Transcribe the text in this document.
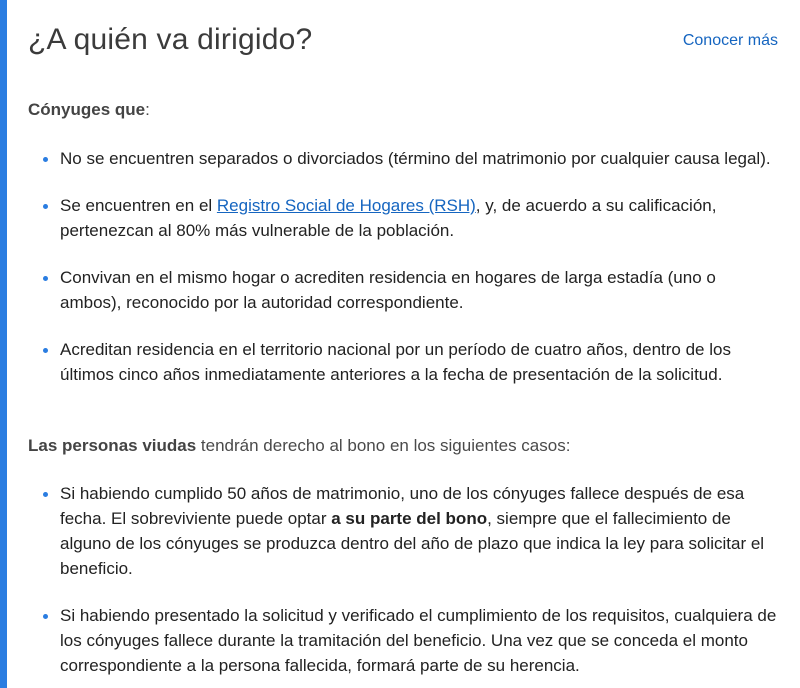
¿A quién va dirigido?	Conocer más

Cónyuges que:

No se encuentren separados o divorciados (término del matrimonio por cualquier causa legal).
Se encuentren en el Registro Social de Hogares (RSH), y, de acuerdo a su calificación, pertenezcan al 80% más vulnerable de la población.
Convivan en el mismo hogar o acrediten residencia en hogares de larga estadía (uno o ambos), reconocido por la autoridad correspondiente.
Acreditan residencia en el territorio nacional por un período de cuatro años, dentro de los últimos cinco años inmediatamente anteriores a la fecha de presentación de la solicitud.

Las personas viudas tendrán derecho al bono en los siguientes casos:

Si habiendo cumplido 50 años de matrimonio, uno de los cónyuges fallece después de esa fecha. El sobreviviente puede optar a su parte del bono, siempre que el fallecimiento de alguno de los cónyuges se produzca dentro del año de plazo que indica la ley para solicitar el beneficio.
Si habiendo presentado la solicitud y verificado el cumplimiento de los requisitos, cualquiera de los cónyuges fallece durante la tramitación del beneficio. Una vez que se conceda el monto correspondiente a la persona fallecida, formará parte de su herencia.
